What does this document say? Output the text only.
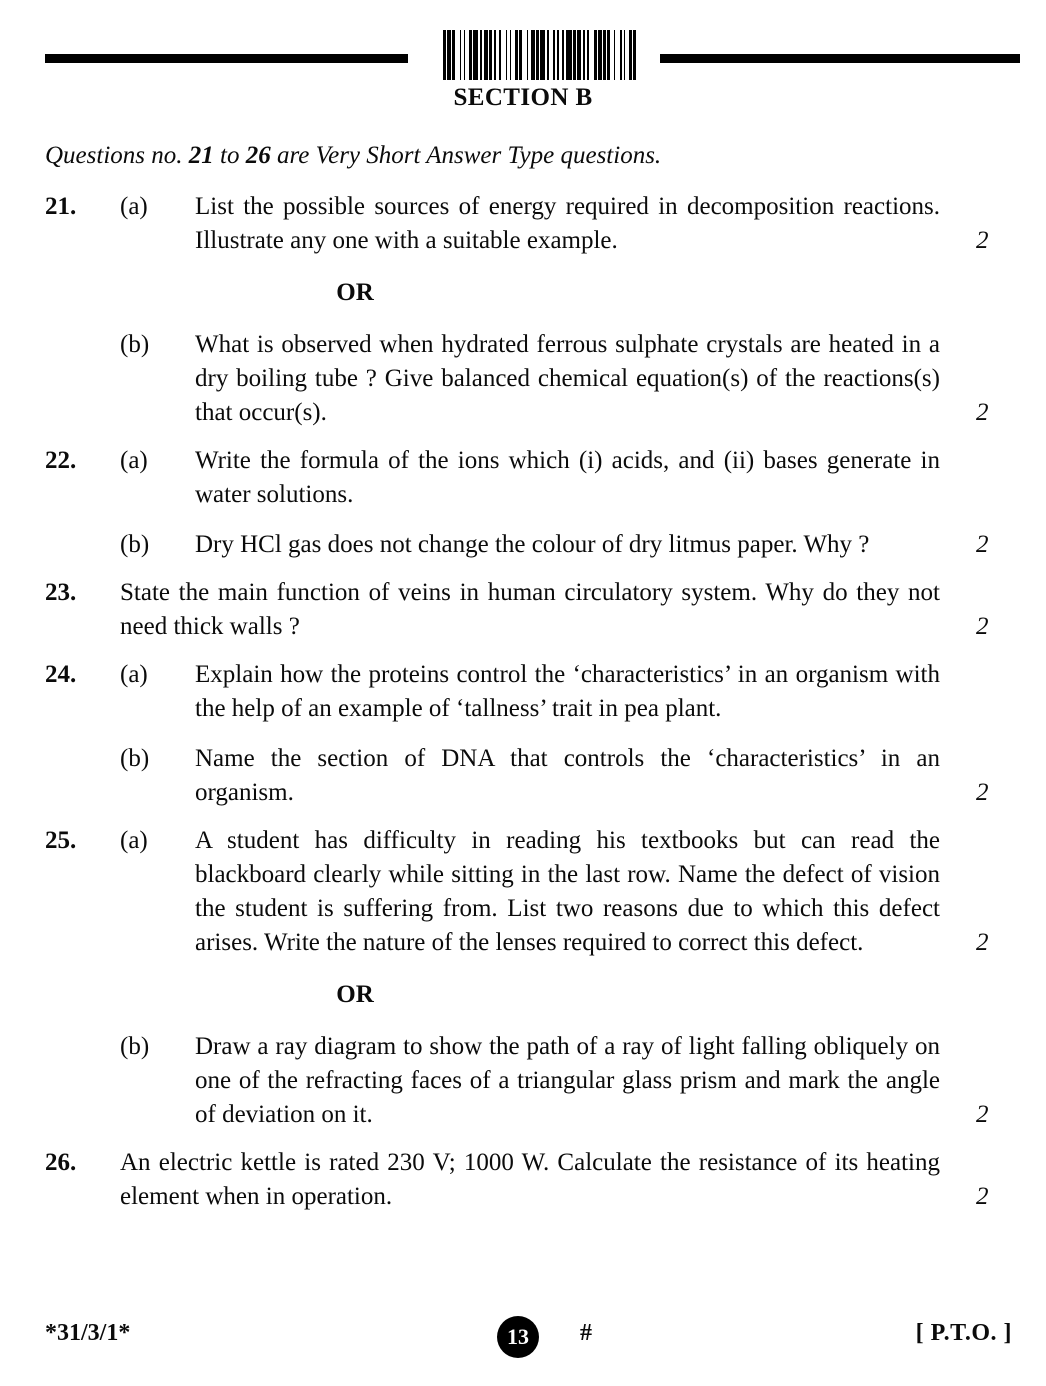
SECTION B
Questions no. 21 to 26 are Very Short Answer Type questions.
21.	(a)	List the possible sources of energy required in decomposition reactions. Illustrate any one with a suitable example.	2
OR
(b)	What is observed when hydrated ferrous sulphate crystals are heated in a dry boiling tube ? Give balanced chemical equation(s) of the reactions(s) that occur(s).	2
22.	(a)	Write the formula of the ions which (i) acids, and (ii) bases generate in water solutions.
(b)	Dry HCl gas does not change the colour of dry litmus paper. Why ?	2
23.	State the main function of veins in human circulatory system. Why do they not need thick walls ?	2
24.	(a)	Explain how the proteins control the ‘characteristics’ in an organism with the help of an example of ‘tallness’ trait in pea plant.
(b)	Name the section of DNA that controls the ‘characteristics’ in an organism.	2
25.	(a)	A student has difficulty in reading his textbooks but can read the blackboard clearly while sitting in the last row. Name the defect of vision the student is suffering from. List two reasons due to which this defect arises. Write the nature of the lenses required to correct this defect.	2
OR
(b)	Draw a ray diagram to show the path of a ray of light falling obliquely on one of the refracting faces of a triangular glass prism and mark the angle of deviation on it.	2
26.	An electric kettle is rated 230 V; 1000 W. Calculate the resistance of its heating element when in operation.	2
*31/3/1*	13	#	[ P.T.O. ]
